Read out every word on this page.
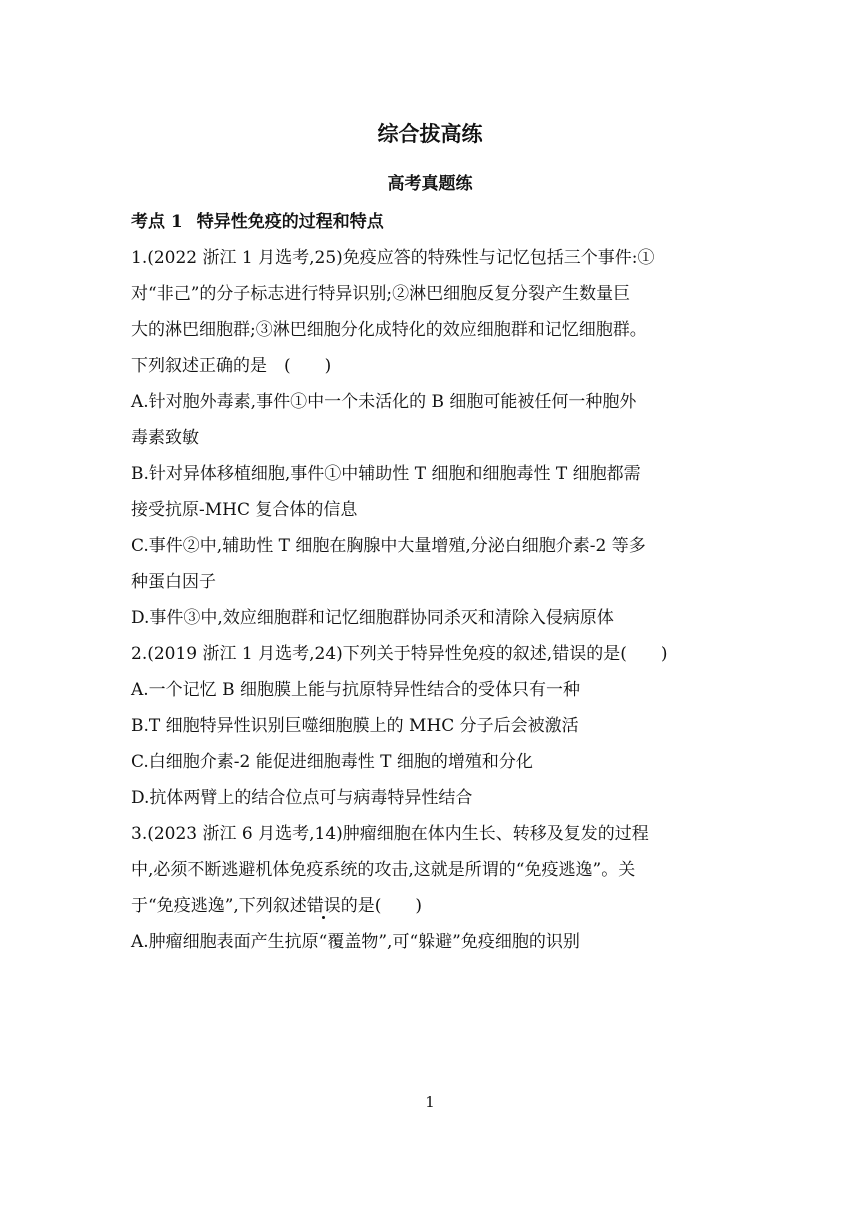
综合拔高练
高考真题练

考点 1 特异性免疫的过程和特点

1.(2022 浙江 1 月选考,25)免疫应答的特殊性与记忆包括三个事件:①

对“非己”的分子标志进行特异识别;②淋巴细胞反复分裂产生数量巨

大的淋巴细胞群;③淋巴细胞分化成特化的效应细胞群和记忆细胞群。

下列叙述正确的是　(　　)

A.针对胞外毒素,事件①中一个未活化的 B 细胞可能被任何一种胞外

毒素致敏

B.针对异体移植细胞,事件①中辅助性 T 细胞和细胞毒性 T 细胞都需

接受抗原-MHC 复合体的信息

C.事件②中,辅助性 T 细胞在胸腺中大量增殖,分泌白细胞介素-2 等多

种蛋白因子

D.事件③中,效应细胞群和记忆细胞群协同杀灭和清除入侵病原体

2.(2019 浙江 1 月选考,24)下列关于特异性免疫的叙述,错误的是(　　)

A.一个记忆 B 细胞膜上能与抗原特异性结合的受体只有一种

B.T 细胞特异性识别巨噬细胞膜上的 MHC 分子后会被激活

C.白细胞介素-2 能促进细胞毒性 T 细胞的增殖和分化

D.抗体两臂上的结合位点可与病毒特异性结合

3.(2023 浙江 6 月选考,14)肿瘤细胞在体内生长、转移及复发的过程

中,必须不断逃避机体免疫系统的攻击,这就是所谓的“免疫逃逸”。关

于“免疫逃逸”,下列叙述错误的是(　　)

A.肿瘤细胞表面产生抗原“覆盖物”,可“躲避”免疫细胞的识别

1
